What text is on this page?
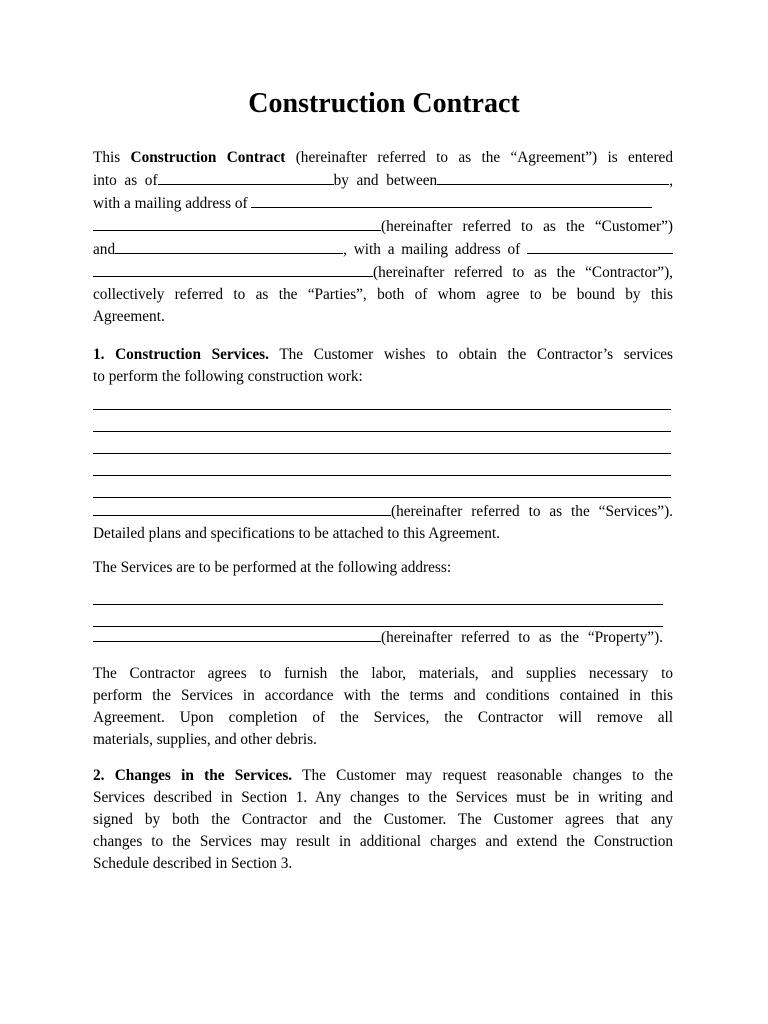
Construction Contract

This Construction Contract (hereinafter referred to as the “Agreement”) is entered

into as of	by and between	,

with a mailing address of

(hereinafter referred to as the “Customer”)

and	, with a mailing address of

(hereinafter referred to as the “Contractor”),

collectively referred to as the “Parties”, both of whom agree to be bound by this

Agreement.

1. Construction Services. The Customer wishes to obtain the Contractor’s services

to perform the following construction work:

(hereinafter referred to as the “Services”).

Detailed plans and specifications to be attached to this Agreement.

The Services are to be performed at the following address:

(hereinafter referred to as the “Property”).

The Contractor agrees to furnish the labor, materials, and supplies necessary to

perform the Services in accordance with the terms and conditions contained in this

Agreement. Upon completion of the Services, the Contractor will remove all

materials, supplies, and other debris.

2. Changes in the Services. The Customer may request reasonable changes to the

Services described in Section 1. Any changes to the Services must be in writing and

signed by both the Contractor and the Customer. The Customer agrees that any

changes to the Services may result in additional charges and extend the Construction

Schedule described in Section 3.
